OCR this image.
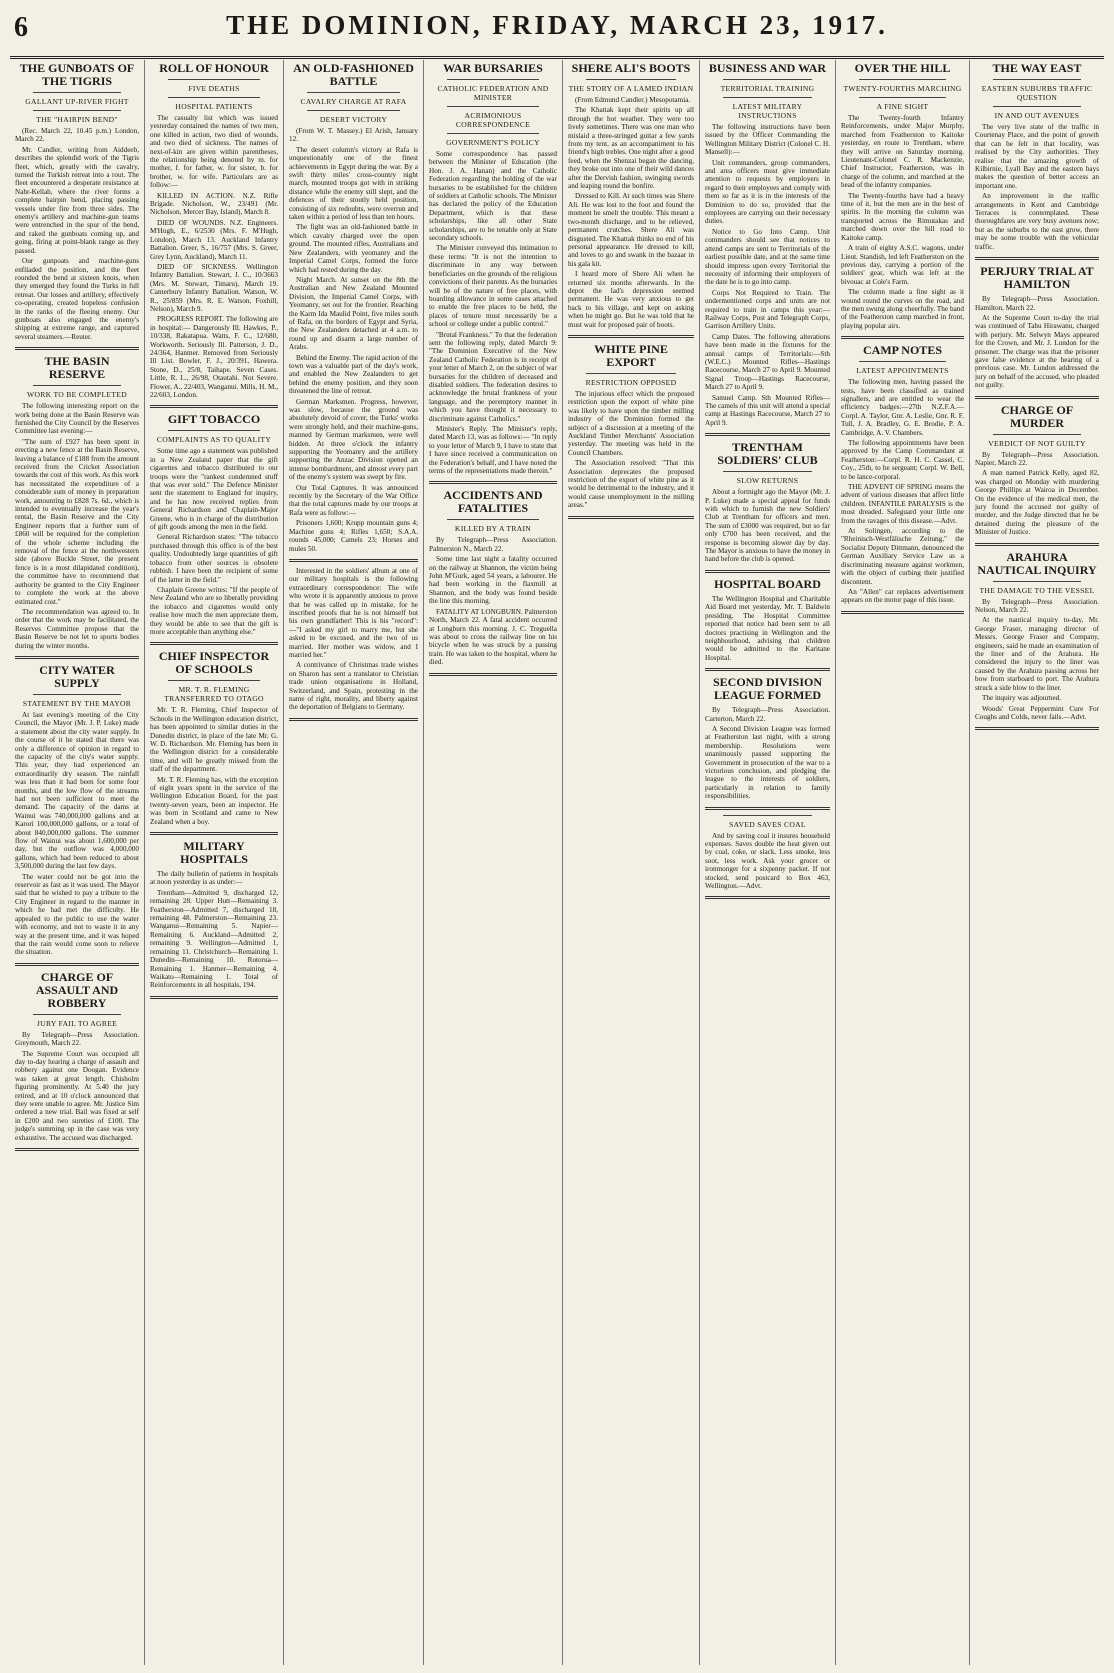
6	THE DOMINION, FRIDAY, MARCH 23, 1917.
THE GUNBOATS OF THE TIGRIS
GALLANT UP-RIVER FIGHT
THE "HAIRPIN BEND"

(Rec. March 22, 10.45 p.m.) London, March 22.

Mr. Candler, writing from Aiddeeb, describes the splendid work of the Tigris fleet, which, greatly with the cavalry, turned the Turkish retreat into a rout. The fleet encountered a desperate resistance at Nahr-Kellah, where the river forms a complete hairpin bend, placing passing vessels under fire from three sides. The enemy's artillery and machine-gun teams were entrenched in the spur of the bend, and raked the gunboats coming up, and going, firing at point-blank range as they passed.

Our gunpoats and machine-guns enfiladed the position, and the fleet rounded the bend at sixteen knots, when they emerged they found the Turks in full retreat. Our losses and artillery, effectively co-operating, created hopeless confusion in the ranks of the fleeing enemy. Our gunboats also engaged the enemy's shipping at extreme range, and captured several steamers.—Reuter.

THE BASIN RESERVE
WORK TO BE COMPLETED

The following interesting report on the work being done at the Basin Reserve was furnished the City Council by the Reserves Committee last evening:—

"The sum of £927 has been spent in erecting a new fence at the Basin Reserve, leaving a balance of £188 from the amount received from the Cricket Association towards the cost of this work. As this work has necessitated the expenditure of a considerable sum of money in preparation work, amounting to £828 7s. 6d., which is intended to eventually increase the year's rental, the Basin Reserve and the City Engineer reports that a further sum of £860 will be required for the completion of the whole scheme including the removal of the fence at the northwestern side (above Buckle Street, the present fence is in a most dilapidated condition), the committee have to recommend that authority be granted to the City Engineer to complete the work at the above estimated cost."

The recommendation was agreed to. In order that the work may be facilitated, the Reserves Committee propose that the Basin Reserve be not let to sports bodies during the winter months.

CITY WATER SUPPLY
STATEMENT BY THE MAYOR

At last evening's meeting of the City Council, the Mayor (Mr. J. P. Luke) made a statement about the city water supply. In the course of it he stated that there was only a difference of opinion in regard to the capacity of the city's water supply. This year, they had experienced an extraordinarily dry season. The rainfall was less than it had been for some four months, and the low flow of the streams had not been sufficient to meet the demand. The capacity of the dams at Wainui was 740,000,000 gallons and at Karori 100,000,000 gallons, or a total of about 840,000,000 gallons. The summer flow of Wainui was about 1,600,000 per day, but the outflow was 4,000,000 gallons, which had been reduced to about 3,500,000 during the last few days.

The water could not be got into the reservoir as fast as it was used. The Mayor said that he wished to pay a tribute to the City Engineer in regard to the manner in which he had met the difficulty. He appealed to the public to use the water with economy, and not to waste it in any way at the present time, and it was hoped that the rain would come soon to relieve the situation.

CHARGE OF ASSAULT AND ROBBERY
JURY FAIL TO AGREE

By Telegraph—Press Association. Greymouth, March 22.

The Supreme Court was occupied all day to-day hearing a charge of assault and robbery against one Doogan. Evidence was taken at great length. Chisholm figuring prominently. At 5.40 the jury retired, and at 10 o'clock announced that they were unable to agree. Mr. Justice Sim ordered a new trial. Bail was fixed at self in £200 and two sureties of £100. The judge's summing up in the case was very exhaustive. The accused was discharged.

ROLL OF HONOUR
FIVE DEATHS
HOSPITAL PATIENTS

The casualty list which was issued yesterday contained the names of two men, one killed in action, two died of wounds, and two died of sickness. The names of next-of-kin are given within parentheses, the relationship being denoted by m. for mother, f. for father, w. for sister, b. for brother, w. for wife. Particulars are as follow:—

KILLED IN ACTION. N.Z. Rifle Brigade. Nicholson, W., 23/491 (Mr. Nicholson, Mercer Bay, Island), March 8.

DIED OF WOUNDS. N.Z. Engineers. M'Hugh, E., 6/2530 (Mrs. F. M'Hugh, London), March 13. Auckland Infantry Battalion. Greer, S., 16/757 (Mrs. S. Greer, Grey Lynn, Auckland), March 11.

DIED OF SICKNESS. Wellington Infantry Battalion. Stewart, J. C., 10/3663 (Mrs. M. Stewart, Timaru), March 19. Canterbury Infantry Battalion. Watson, W. R., 25/859 (Mrs. R. E. Watson, Foxhill, Nelson), March 9.

PROGRESS REPORT. The following are in hospital:— Dangerously Ill. Hawkes, P., 10/338, Rakatapua. Watts, F. C., 12/680, Workworth. Seriously Ill. Patterson, J. D., 24/364, Hanmer. Removed from Seriously Ill List. Bowler, F. J., 20/391, Hawera. Stone, D., 25/8, Taihape. Seven Cases. Little, R. L., 26/98, Otautahi. Not Severe. Flower, A., 22/403, Wanganui. Mills, H. M., 22/603, London.

GIFT TOBACCO
COMPLAINTS AS TO QUALITY

Some time ago a statement was published in a New Zealand paper that the gift cigarettes and tobacco distributed to our troops were the "rankest condemned stuff that was ever sold." The Defence Minister sent the statement to England for inquiry, and he has now received replies from General Richardson and Chaplain-Major Greene, who is in charge of the distribution of gift goods among the men in the field.

General Richardson states: "The tobacco purchased through this office is of the best quality. Undoubtedly large quantities of gift tobacco from other sources is obsolete rubbish. I have been the recipient of some of the latter in the field."

Chaplain Greene writes: "If the people of New Zealand who are so liberally providing the tobacco and cigarettes would only realise how much the men appreciate them, they would be able to see that the gift is more acceptable than anything else."

CHIEF INSPECTOR OF SCHOOLS
MR. T. R. FLEMING TRANSFERRED TO OTAGO

Mr. T. R. Fleming, Chief Inspector of Schools in the Wellington education district, has been appointed to similar duties in the Dunedin district, in place of the late Mr. G. W. D. Richardson. Mr. Fleming has been in the Wellington district for a considerable time, and will be greatly missed from the staff of the department.

Mr. T. R. Fleming has, with the exception of eight years spent in the service of the Wellington Education Board, for the past twenty-seven years, been an inspector. He was born in Scotland and came to New Zealand when a boy.

MILITARY HOSPITALS

The daily bulletin of patients in hospitals at noon yesterday is as under:—

Trentham—Admitted 9, discharged 12, remaining 28. Upper Hutt—Remaining 3. Featherston—Admitted 7, discharged 18, remaining 48. Palmerston—Remaining 23. Wanganui—Remaining 5. Napier—Remaining 6. Auckland—Admitted 2, remaining 9. Wellington—Admitted 1, remaining 11. Christchurch—Remaining 1. Dunedin—Remaining 10. Rotorua—Remaining 1. Hanmer—Remaining 4. Waikato—Remaining 1. Total of Reinforcements in all hospitals, 194.

AN OLD-FASHIONED BATTLE
CAVALRY CHARGE AT RAFA
DESERT VICTORY

(From W. T. Massey.) El Arish, January 12.

The desert column's victory at Rafa is unquestionably one of the finest achievements in Egypt during the war. By a swift thirty miles' cross-country night march, mounted troops got with in striking distance while the enemy still slept, and the defences of their stoutly held position, consisting of six redoubts, were overrun and taken within a period of less than ten hours.

The fight was an old-fashioned battle in which cavalry charged over the open ground. The mounted rifles, Australians and New Zealanders, with yeomanry and the Imperial Camel Corps, formed the force which had rested during the day.

Night March. At sunset on the 8th the Australian and New Zealand Mounted Division, the Imperial Camel Corps, with Yeomanry, set out for the frontier. Reaching the Karm Ida Maulid Point, five miles south of Rafa, on the borders of Egypt and Syria, the New Zealanders detached at 4 a.m. to round up and disarm a large number of Arabs.

Behind the Enemy. The rapid action of the town was a valuable part of the day's work, and enabled the New Zealanders to get behind the enemy position, and they soon threatened the line of retreat.

German Marksmen. Progress, however, was slow, because the ground was absolutely devoid of cover, the Turks' works were strongly held, and their machine-guns, manned by German marksmen, were well hidden. At three o'clock the infantry supporting the Yeomanry and the artillery supporting the Anzac Division opened an intense bombardment, and almost every part of the enemy's system was swept by fire.

Our Total Captures. It was announced recently by the Secretary of the War Office that the total captures made by our troops at Rafa were as follow:—

Prisoners 1,600; Krupp mountain guns 4; Machine guns 4; Rifles 1,650; S.A.A. rounds 45,000; Camels 23; Horses and mules 50.

Interested in the soldiers' album at one of our military hospitals is the following extraordinary correspondence: The wife who wrote it is apparently anxious to prove that he was called up in mistake, for he inscribed proofs that he is not himself but his own grandfather! This is his "record":—"I asked my girl to marry me, but she asked to be excused, and the two of us married. Her mother was widow, and I married her."

A contrivance of Christmas trade wishes on Sharon has sent a translator to Christian trade union organisations in Holland, Switzerland, and Spain, protesting in the name of right, morality, and liberty against the deportation of Belgians to Germany.

WAR BURSARIES
CATHOLIC FEDERATION AND MINISTER
ACRIMONIOUS CORRESPONDENCE
GOVERNMENT'S POLICY

Some correspondence has passed between the Minister of Education (the Hon. J. A. Hanan) and the Catholic Federation regarding the holding of the war bursaries to be established for the children of soldiers at Catholic schools. The Minister has declared the policy of the Education Department, which is that these scholarships, like all other State scholarships, are to be tenable only at State secondary schools.

The Minister conveyed this intimation to these terms: "It is not the intention to discriminate in any way between beneficiaries on the grounds of the religious convictions of their parents. As the bursaries will be of the nature of free places, with boarding allowance in some cases attached to enable the free places to be held, the places of tenure must necessarily be a school or college under a public control."

"Brutal Frankness." To that the federation sent the following reply, dated March 9: "The Dominion Executive of the New Zealand Catholic Federation is in receipt of your letter of March 2, on the subject of war bursaries for the children of deceased and disabled soldiers. The federation desires to acknowledge the brutal frankness of your language, and the peremptory manner in which you have thought it necessary to discriminate against Catholics."

Minister's Reply. The Minister's reply, dated March 13, was as follows:— "In reply to your letter of March 9, I have to state that I have since received a communication on the Federation's behalf, and I have noted the terms of the representations made therein."

ACCIDENTS AND FATALITIES
KILLED BY A TRAIN

By Telegraph—Press Association. Palmerston N., March 22.

Some time last night a fatality occurred on the railway at Shannon, the victim being John M'Gurk, aged 54 years, a labourer. He had been working in the flaxmill at Shannon, and the body was found beside the line this morning.

FATALITY AT LONGBURN. Palmerston North, March 22. A fatal accident occurred at Longburn this morning. J. C. Treguella was about to cross the railway line on his bicycle when he was struck by a passing train. He was taken to the hospital, where he died.

SHERE ALI'S BOOTS
THE STORY OF A LAMED INDIAN

(From Edmund Candler.) Mesopotamia.

The Khattak kept their spirits up all through the hot weather. They were too lively sometimes. There was one man who mislaid a three-stringed guitar a few yards from my tent, as an accompaniment to his friend's high trebles. One night after a good feed, when the Shenzai began the dancing, they broke out into one of their wild dances after the Dervish fashion, swinging swords and leaping round the bonfire.

Dressed to Kill. At such times was Shere Ali. He was lost to the foot and found the moment he smelt the trouble. This meant a two-month discharge, and to be relieved, permanent crutches. Shere Ali was disgusted. The Khattak thinks no end of his personal appearance. He dressed to kill, and loves to go and swank in the bazaar in his gala kit.

I heard more of Shere Ali when he returned six months afterwards. In the depot the lad's depression seemed permanent. He was very anxious to get back to his village, and kept on asking when he might go. But he was told that he must wait for proposed pair of boots.

WHITE PINE EXPORT
RESTRICTION OPPOSED

The injurious effect which the proposed restriction upon the export of white pine was likely to have upon the timber milling industry of the Dominion formed the subject of a discussion at a meeting of the Auckland Timber Merchants' Association yesterday. The meeting was held in the Council Chambers.

The Association resolved: "That this Association deprecates the proposed restriction of the export of white pine as it would be detrimental to the industry, and it would cause unemployment in the milling areas."

BUSINESS AND WAR
TERRITORIAL TRAINING
LATEST MILITARY INSTRUCTIONS

The following instructions have been issued by the Officer Commanding the Wellington Military District (Colonel C. H. Mansell):—

Unit commanders, group commanders, and area officers must give immediate attention to requests by employers in regard to their employees and comply with them so far as it is in the interests of the Dominion to do so, provided that the employees are carrying out their necessary duties.

Notice to Go Into Camp. Unit commanders should see that notices to attend camps are sent to Territorials of the earliest possible date, and at the same time should impress upon every Territorial the necessity of informing their employers of the date he is to go into camp.

Corps Not Required to Train. The undermentioned corps and units are not required to train in camps this year:—Railway Corps, Post and Telegraph Corps, Garrison Artillery Units.

Camp Dates. The following alterations have been made in the fixtures for the annual camps of Territorials:—Sth (W.E.C.) Mounted Rifles—Hastings Racecourse, March 27 to April 9. Mounted Signal Troop—Hastings Racecourse, March 27 to April 9.

Samuel Camp. Sth Mounted Rifles—The camels of this unit will attend a special camp at Hastings Racecourse, March 27 to April 9.

TRENTHAM SOLDIERS' CLUB
SLOW RETURNS

About a fortnight ago the Mayor (Mr. J. P. Luke) made a special appeal for funds with which to furnish the new Soldiers' Club at Trentham for officers and men. The sum of £3000 was required, but so far only £700 has been received, and the response is becoming slower day by day. The Mayor is anxious to have the money in hand before the club is opened.

HOSPITAL BOARD

The Wellington Hospital and Charitable Aid Board met yesterday, Mr. T. Baldwin presiding. The Hospital Committee reported that notice had been sent to all doctors practising in Wellington and the neighbourhood, advising that children would be admitted to the Karitane Hospital.

SECOND DIVISION LEAGUE FORMED

By Telegraph—Press Association. Carterton, March 22.

A Second Division League was formed at Featherston last night, with a strong membership. Resolutions were unanimously passed supporting the Government in prosecution of the war to a victorious conclusion, and pledging the league to the interests of soldiers, particularly in relation to family responsibilities.

SAVED SAVES COAL

And by saving coal it insures household expenses. Saves double the heat given out by coal, coke, or slack. Less smoke, less soot, less work. Ask your grocer or ironmonger for a sixpenny packet. If not stocked, send postcard to Box 463, Wellington.—Advt.

OVER THE HILL
TWENTY-FOURTHS MARCHING
A FINE SIGHT

The Twenty-fourth Infantry Reinforcements, under Major Murphy, marched from Featherston to Kaitoke yesterday, en route to Trentham, where they will arrive on Saturday morning. Lieutenant-Colonel C. R. Mackenzie, Chief Instructor, Featherston, was in charge of the column, and marched at the head of the infantry companies.

The Twenty-fourths have had a heavy time of it, but the men are in the best of spirits. In the morning the column was transported across the Rimutakas and marched down over the hill road to Kaitoke camp.

A train of eighty A.S.C. wagons, under Lieut. Standish, led left Featherston on the previous day, carrying a portion of the soldiers' gear, which was left at the bivouac at Cole's Farm.

The column made a fine sight as it wound round the curves on the road, and the men swung along cheerfully. The band of the Featherston camp marched in front, playing popular airs.

CAMP NOTES
LATEST APPOINTMENTS

The following men, having passed the tests, have been classified as trained signallers, and are entitled to wear the efficiency badges:—27th N.Z.F.A.—Corpl. A. Taylor, Gnr. A. Leslie, Gnr. R. F. Tull, J. A. Bradley, G. E. Brodie, P. A. Cambridge, A. V. Chambers.

The following appointments have been approved by the Camp Commandant at Featherston:—Corpl. R. H. C. Cassel, C. Coy., 25th, to be sergeant; Corpl. W. Bell, to be lance-corporal.

THE ADVENT OF SPRING means the advent of various diseases that affect little children. INFANTILE PARALYSIS is the most dreaded. Safeguard your little one from the ravages of this disease.—Advt.

At Solingen, according to the "Rheinisch-Westfälische Zeitung," the Socialist Deputy Dittmann, denounced the German Auxiliary Service Law as a discriminating measure against workmen, with the object of curbing their justified discontent.

An "Allen" car replaces advertisement appears on the motor page of this issue.

THE WAY EAST
EASTERN SUBURBS TRAFFIC QUESTION
IN AND OUT AVENUES

The very live state of the traffic in Courtenay Place, and the point of growth that can be felt in that locality, was realised by the City authorities. They realise that the amazing growth of Kilbirnie, Lyall Bay and the eastern bays makes the question of better access an important one.

An improvement in the traffic arrangements in Kent and Cambridge Terraces is contemplated. These thoroughfares are very busy avenues now; but as the suburbs to the east grow, there may be some trouble with the vehicular traffic.

PERJURY TRIAL AT HAMILTON

By Telegraph—Press Association. Hamilton, March 22.

At the Supreme Court to-day the trial was continued of Tahu Hirawanu, charged with perjury. Mr. Selwyn Mays appeared for the Crown, and Mr. J. Lundon for the prisoner. The charge was that the prisoner gave false evidence at the hearing of a previous case. Mr. Lundon addressed the jury on behalf of the accused, who pleaded not guilty.

CHARGE OF MURDER
VERDICT OF NOT GUILTY

By Telegraph—Press Association. Napier, March 22.

A man named Patrick Kelly, aged 82, was charged on Monday with murdering George Phillips at Wairoa in December. On the evidence of the medical men, the jury found the accused not guilty of murder, and the Judge directed that he be detained during the pleasure of the Minister of Justice.

ARAHURA NAUTICAL INQUIRY
THE DAMAGE TO THE VESSEL

By Telegraph—Press Association. Nelson, March 22.

At the nautical inquiry to-day, Mr. George Fraser, managing director of Messrs. George Fraser and Company, engineers, said he made an examination of the liner and of the Arahura. He considered the injury to the liner was caused by the Arahura passing across her bow from starboard to port. The Arahura struck a side blow to the liner.

The inquiry was adjourned.

Woods' Great Peppermint Cure For Coughs and Colds, never fails.—Advt.
